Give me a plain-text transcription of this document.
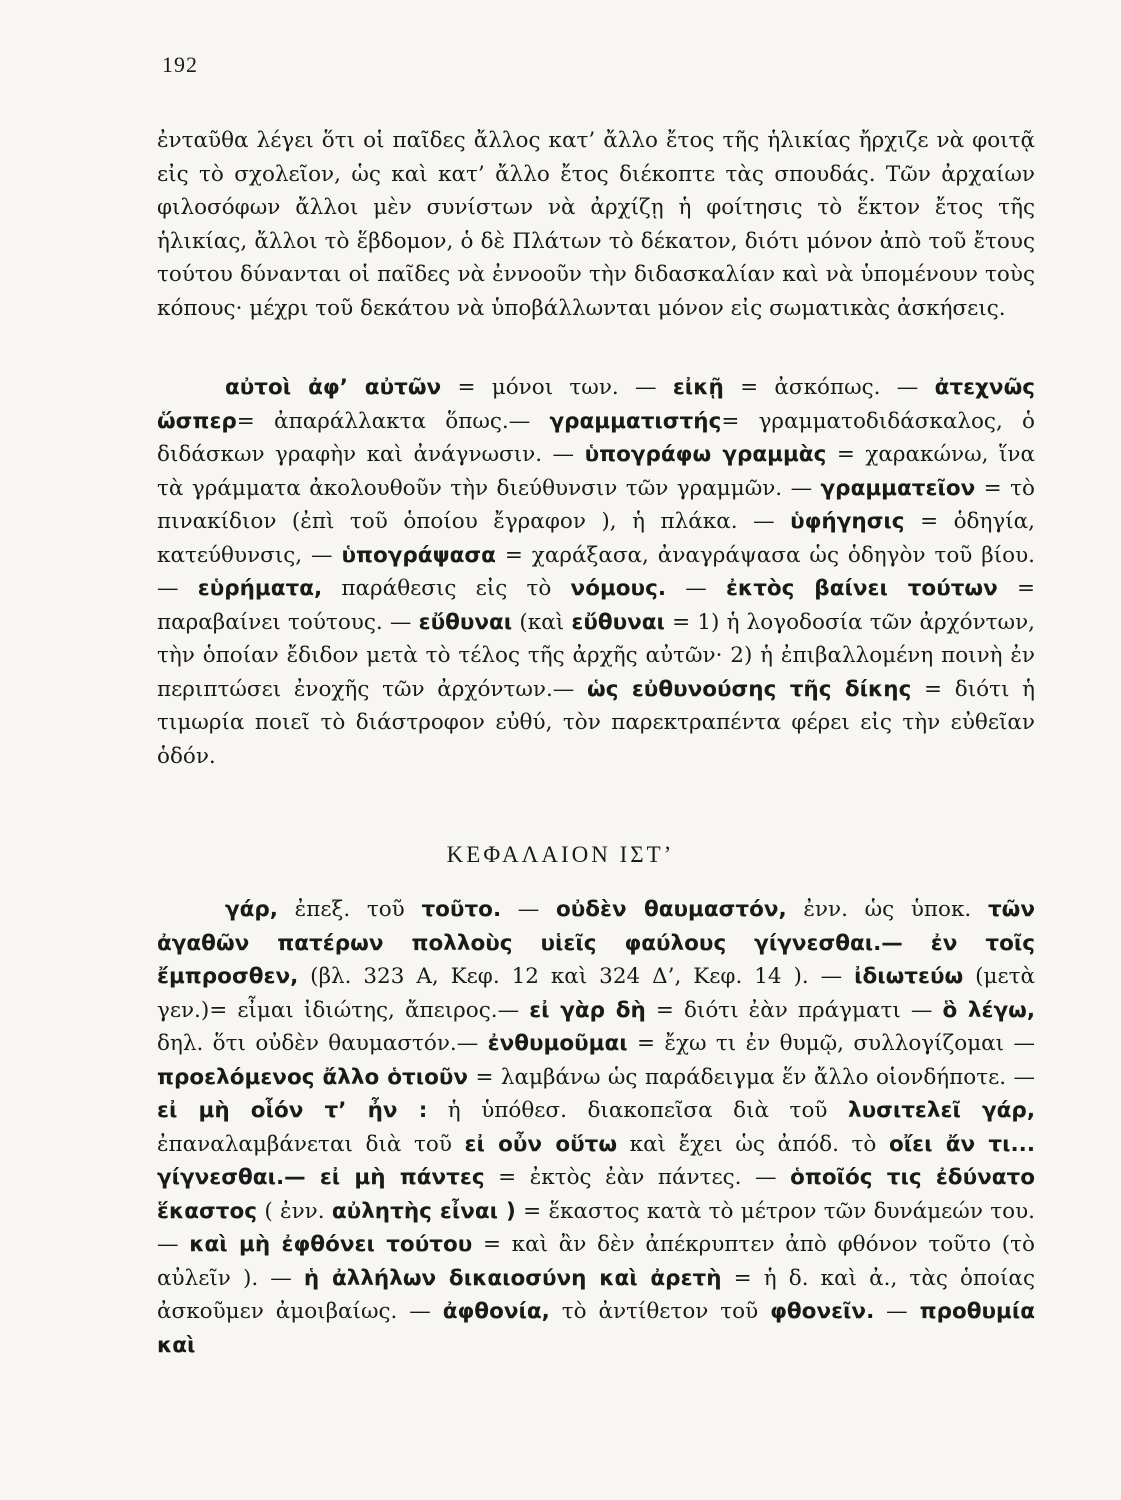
192

ἐνταῦθα λέγει ὅτι οἱ παῖδες ἄλλος κατ’ ἄλλο ἔτος τῆς ἡλικίας ἤρχιζε νὰ φοιτᾷ εἰς τὸ σχολεῖον, ὡς καὶ κατ’ ἄλλο ἔτος διέκοπτε τὰς σπουδάς. Τῶν ἀρχαίων φιλοσόφων ἄλλοι μὲν συνίστων νὰ ἀρχίζῃ ἡ φοίτησις τὸ ἕκτον ἔτος τῆς ἡλικίας, ἄλλοι τὸ ἕβδομον, ὁ δὲ Πλάτων τὸ δέκατον, διότι μόνον ἀπὸ τοῦ ἔτους τούτου δύνανται οἱ παῖδες νὰ ἐννοοῦν τὴν διδασκαλίαν καὶ νὰ ὑπομένουν τοὺς κόπους· μέχρι τοῦ δεκάτου νὰ ὑποβάλλωνται μόνον εἰς σωματικὰς ἀσκήσεις.

αὐτοὶ ἀφ’ αὐτῶν = μόνοι των. — εἰκῇ = ἀσκόπως. — ἀτεχνῶς ὥσπερ= ἀπαράλλακτα ὅπως.— γραμματιστής= γραμματοδιδάσκαλος, ὁ διδάσκων γραφὴν καὶ ἀνάγνωσιν. — ὑπογράφω γραμμὰς = χαρακώνω, ἵνα τὰ γράμματα ἀκολουθοῦν τὴν διεύθυνσιν τῶν γραμμῶν. — γραμματεῖον = τὸ πινακίδιον (ἐπὶ τοῦ ὁποίου ἔγραφον ), ἡ πλάκα. — ὑφήγησις = ὁδηγία, κατεύθυνσις, — ὑπογράψασα = χαράξασα, ἀναγράψασα ὡς ὁδηγὸν τοῦ βίου. — εὑρήματα, παράθεσις εἰς τὸ νόμους. — ἐκτὸς βαίνει τούτων = παραβαίνει τούτους. — εὔθυναι (καὶ εὔθυναι = 1) ἡ λογοδοσία τῶν ἀρχόντων, τὴν ὁποίαν ἔδιδον μετὰ τὸ τέλος τῆς ἀρχῆς αὐτῶν· 2) ἡ ἐπιβαλλομένη ποινὴ ἐν περιπτώσει ἐνοχῆς τῶν ἀρχόντων.— ὡς εὐθυνούσης τῆς δίκης = διότι ἡ τιμωρία ποιεῖ τὸ διάστροφον εὐθύ, τὸν παρεκτραπέντα φέρει εἰς τὴν εὐθεῖαν ὁδόν.

ΚΕΦΑΛΑΙΟΝ ΙΣΤ’

γάρ, ἐπεξ. τοῦ τοῦτο. — οὐδὲν θαυμαστόν, ἐνν. ὡς ὑποκ. τῶν ἀγαθῶν πατέρων πολλοὺς υἱεῖς φαύλους γίγνεσθαι.— ἐν τοῖς ἔμπροσθεν, (βλ. 323 Α, Κεφ. 12 καὶ 324 Δ’, Κεφ. 14 ). — ἰδιωτεύω (μετὰ γεν.)= εἶμαι ἰδιώτης, ἄπειρος.— εἰ γὰρ δὴ = διότι ἐὰν πράγματι — ὃ λέγω, δηλ. ὅτι οὐδὲν θαυμαστόν.— ἐνθυμοῦμαι = ἔχω τι ἐν θυμῷ, συλλογίζομαι — προελόμενος ἄλλο ὁτιοῦν = λαμβάνω ὡς παράδειγμα ἕν ἄλλο οἱονδήποτε. — εἰ μὴ οἷόν τ’ ἦν : ἡ ὑπόθεσ. διακοπεῖσα διὰ τοῦ λυσιτελεῖ γάρ, ἐπαναλαμβάνεται διὰ τοῦ εἰ οὖν οὕτω καὶ ἔχει ὡς ἀπόδ. τὸ οἴει ἄν τι... γίγνεσθαι.— εἰ μὴ πάντες = ἐκτὸς ἐὰν πάντες. — ὁποῖός τις ἐδύνατο ἕκαστος ( ἐνν. αὐλητὴς εἶναι ) = ἕκαστος κατὰ τὸ μέτρον τῶν δυνάμεών του. — καὶ μὴ ἐφθόνει τούτου = καὶ ἂν δὲν ἀπέκρυπτεν ἀπὸ φθόνον τοῦτο (τὸ αὐλεῖν ). — ἡ ἀλλήλων δικαιοσύνη καὶ ἀρετὴ = ἡ δ. καὶ ἀ., τὰς ὁποίας ἀσκοῦμεν ἀμοιβαίως. — ἀφθονία, τὸ ἀντίθετον τοῦ φθονεῖν. — προθυμία καὶ
